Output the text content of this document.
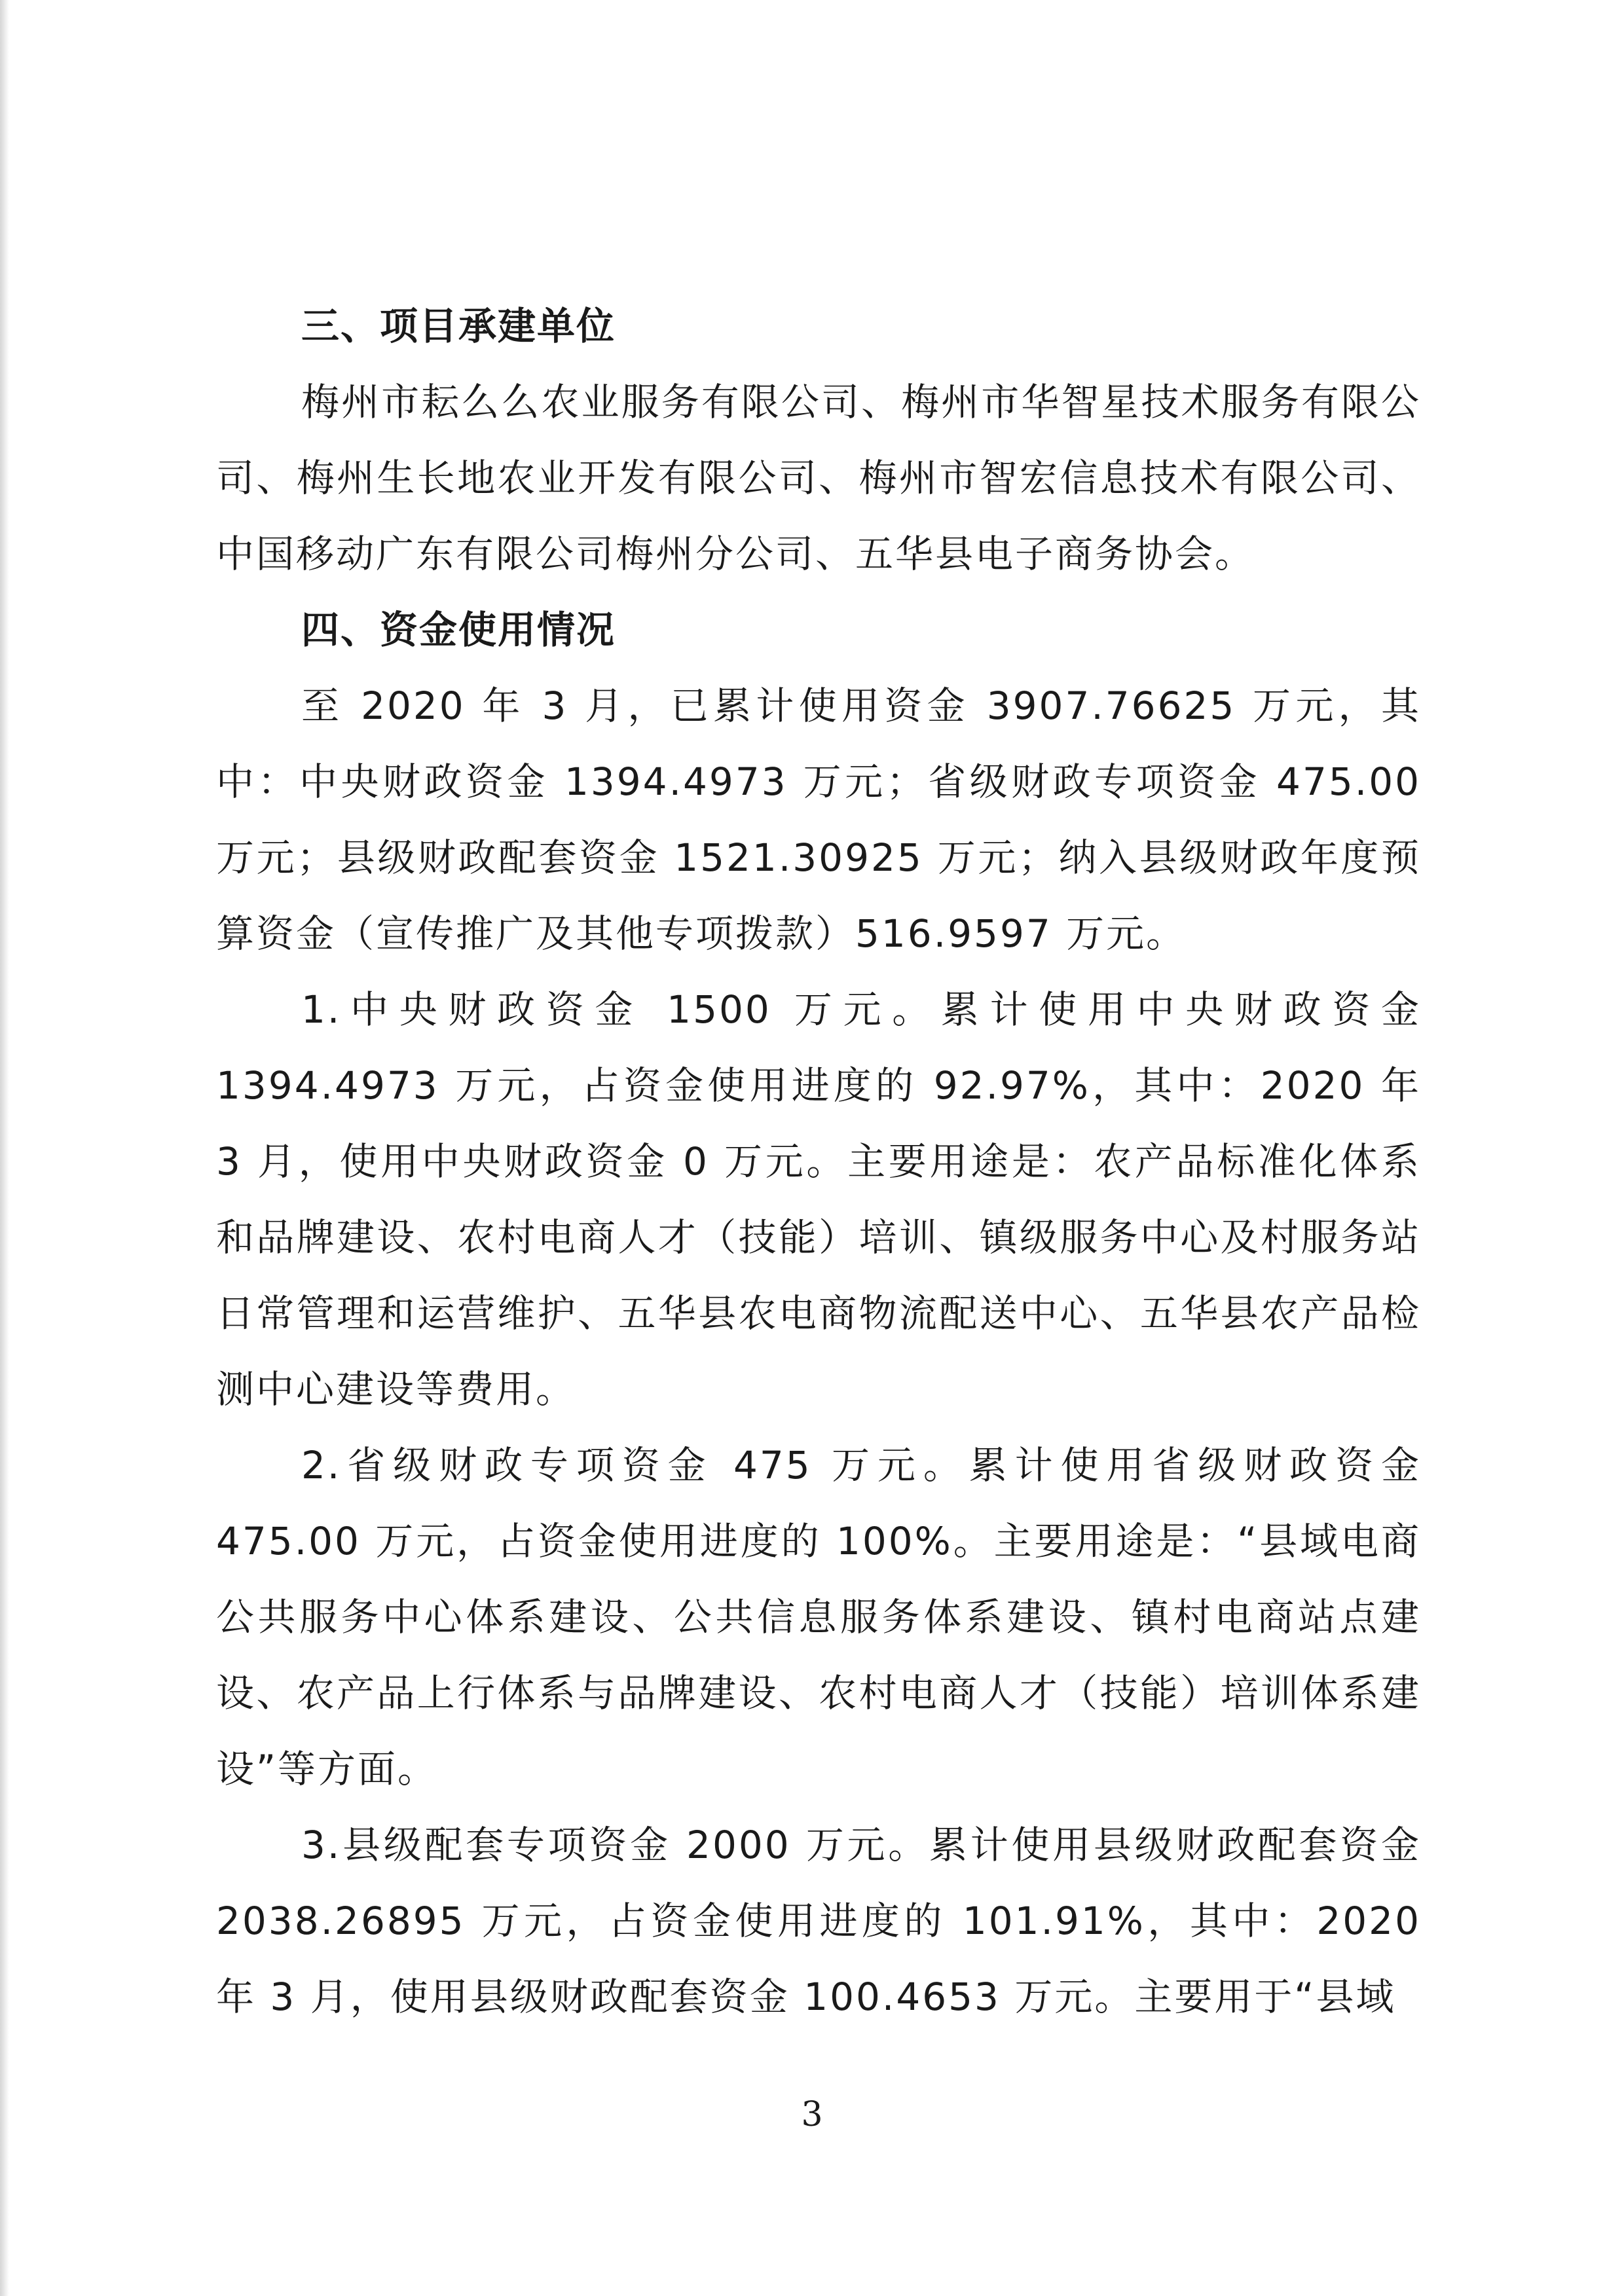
三、项目承建单位

梅州市耘么么农业服务有限公司、梅州市华智星技术服务有限公司、梅州生长地农业开发有限公司、梅州市智宏信息技术有限公司、中国移动广东有限公司梅州分公司、五华县电子商务协会。

四、资金使用情况

至 2020 年 3 月，已累计使用资金 3907.76625 万元，其中：中央财政资金 1394.4973 万元；省级财政专项资金 475.00 万元；县级财政配套资金 1521.30925 万元；纳入县级财政年度预算资金（宣传推广及其他专项拨款）516.9597 万元。

1.中央财政资金 1500 万元。累计使用中央财政资金 1394.4973 万元，占资金使用进度的 92.97%，其中：2020 年 3 月，使用中央财政资金 0 万元。主要用途是：农产品标准化体系和品牌建设、农村电商人才（技能）培训、镇级服务中心及村服务站日常管理和运营维护、五华县农电商物流配送中心、五华县农产品检测中心建设等费用。

2.省级财政专项资金 475 万元。累计使用省级财政资金 475.00 万元，占资金使用进度的 100%。主要用途是：“县域电商公共服务中心体系建设、公共信息服务体系建设、镇村电商站点建设、农产品上行体系与品牌建设、农村电商人才（技能）培训体系建设”等方面。

3.县级配套专项资金 2000 万元。累计使用县级财政配套资金 2038.26895 万元，占资金使用进度的 101.91%，其中：2020 年 3 月，使用县级财政配套资金 100.4653 万元。主要用于“县域

3
